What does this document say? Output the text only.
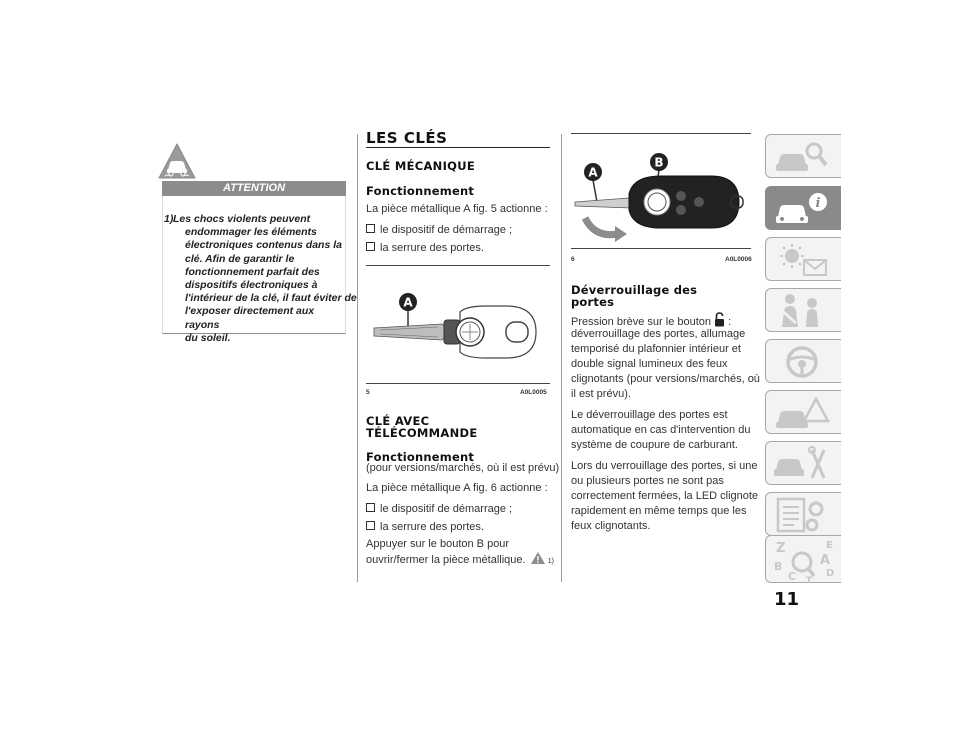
ATTENTION
1) Les chocs violents peuvent
endommager les éléments
électroniques contenus dans la
clé. Afin de garantir le
fonctionnement parfait des
dispositifs électroniques à
l'intérieur de la clé, il faut éviter de
l'exposer directement aux rayons
du soleil.
LES CLÉS
CLÉ MÉCANIQUE
Fonctionnement
La pièce métallique A fig. 5 actionne :
le dispositif de démarrage ;
la serrure des portes.
A
5	A0L0005
CLÉ AVEC
TÉLÉCOMMANDE
Fonctionnement
(pour versions/marchés, où il est prévu)
La pièce métallique A fig. 6 actionne :
le dispositif de démarrage ;
la serrure des portes.
Appuyer sur le bouton B pour
ouvrir/fermer la pièce métallique.	1)
A
B
6	A0L0006
Déverrouillage des
portes
Pression brève sur le bouton :
déverrouillage des portes, allumage
temporisé du plafonnier intérieur et
double signal lumineux des feux
clignotants (pour versions/marchés, où
il est prévu).
Le déverrouillage des portes est
automatique en cas d'intervention du
système de coupure de carburant.
Lors du verrouillage des portes, si une
ou plusieurs portes ne sont pas
correctement fermées, la LED clignote
rapidement en même temps que les
feux clignotants.
i
Z	E
A
B
C T
D
11
